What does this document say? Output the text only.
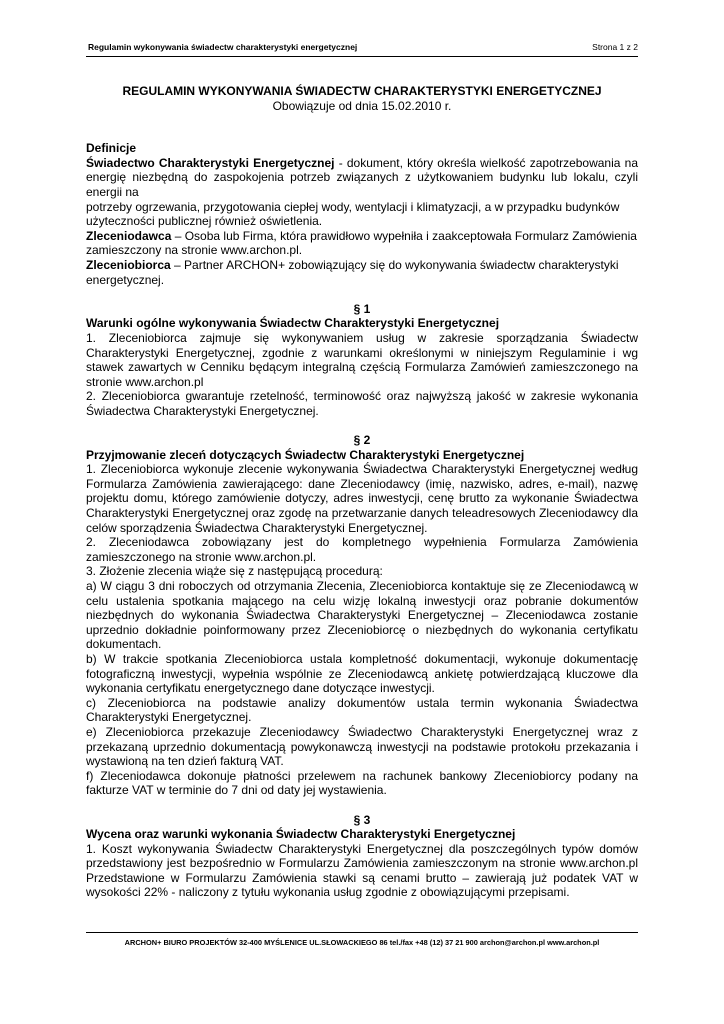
Regulamin wykonywania świadectw charakterystyki energetycznej	Strona 1 z 2

REGULAMIN WYKONYWANIA ŚWIADECTW CHARAKTERYSTYKI ENERGETYCZNEJ

Obowiązuje od dnia 15.02.2010 r.

Definicje

Świadectwo Charakterystyki Energetycznej - dokument, który określa wielkość zapotrzebowania na energię niezbędną do zaspokojenia potrzeb związanych z użytkowaniem budynku lub lokalu, czyli energii na

potrzeby ogrzewania, przygotowania ciepłej wody, wentylacji i klimatyzacji, a w przypadku budynków użyteczności publicznej również oświetlenia.

Zleceniodawca – Osoba lub Firma, która prawidłowo wypełniła i zaakceptowała Formularz Zamówienia zamieszczony na stronie www.archon.pl.

Zleceniobiorca – Partner ARCHON+ zobowiązujący się do wykonywania świadectw charakterystyki energetycznej.

§ 1

Warunki ogólne wykonywania Świadectw Charakterystyki Energetycznej

1. Zleceniobiorca zajmuje się wykonywaniem usług w zakresie sporządzania Świadectw Charakterystyki Energetycznej, zgodnie z warunkami określonymi w niniejszym Regulaminie i wg stawek zawartych w Cenniku będącym integralną częścią Formularza Zamówień zamieszczonego na stronie www.archon.pl

2. Zleceniobiorca gwarantuje rzetelność, terminowość oraz najwyższą jakość w zakresie wykonania Świadectwa Charakterystyki Energetycznej.

§ 2

Przyjmowanie zleceń dotyczących Świadectw Charakterystyki Energetycznej

1. Zleceniobiorca wykonuje zlecenie wykonywania Świadectwa Charakterystyki Energetycznej według Formularza Zamówienia zawierającego: dane Zleceniodawcy (imię, nazwisko, adres, e-mail), nazwę projektu domu, którego zamówienie dotyczy, adres inwestycji, cenę brutto za wykonanie Świadectwa Charakterystyki Energetycznej oraz zgodę na przetwarzanie danych teleadresowych Zleceniodawcy dla celów sporządzenia Świadectwa Charakterystyki Energetycznej.

2. Zleceniodawca zobowiązany jest do kompletnego wypełnienia Formularza Zamówienia zamieszczonego na stronie www.archon.pl.

3. Złożenie zlecenia wiąże się z następującą procedurą:

a) W ciągu 3 dni roboczych od otrzymania Zlecenia, Zleceniobiorca kontaktuje się ze Zleceniodawcą w celu ustalenia spotkania mającego na celu wizję lokalną inwestycji oraz pobranie dokumentów niezbędnych do wykonania Świadectwa Charakterystyki Energetycznej – Zleceniodawca zostanie uprzednio dokładnie poinformowany przez Zleceniobiorcę o niezbędnych do wykonania certyfikatu dokumentach.

b) W trakcie spotkania Zleceniobiorca ustala kompletność dokumentacji, wykonuje dokumentację fotograficzną inwestycji, wypełnia wspólnie ze Zleceniodawcą ankietę potwierdzającą kluczowe dla wykonania certyfikatu energetycznego dane dotyczące inwestycji.

c) Zleceniobiorca na podstawie analizy dokumentów ustala termin wykonania Świadectwa Charakterystyki Energetycznej.

e) Zleceniobiorca przekazuje Zleceniodawcy Świadectwo Charakterystyki Energetycznej wraz z przekazaną uprzednio dokumentacją powykonawczą inwestycji na podstawie protokołu przekazania i wystawioną na ten dzień fakturą VAT.

f) Zleceniodawca dokonuje płatności przelewem na rachunek bankowy Zleceniobiorcy podany na fakturze VAT w terminie do 7 dni od daty jej wystawienia.

§ 3

Wycena oraz warunki wykonania Świadectw Charakterystyki Energetycznej

1. Koszt wykonywania Świadectw Charakterystyki Energetycznej dla poszczególnych typów domów przedstawiony jest bezpośrednio w Formularzu Zamówienia zamieszczonym na stronie www.archon.pl Przedstawione w Formularzu Zamówienia stawki są cenami brutto – zawierają już podatek VAT w wysokości 22% - naliczony z tytułu wykonania usług zgodnie z obowiązującymi przepisami.

ARCHON+ BIURO PROJEKTÓW 32-400 MYŚLENICE UL.SŁOWACKIEGO 86 tel./fax +48 (12) 37 21 900 archon@archon.pl www.archon.pl
